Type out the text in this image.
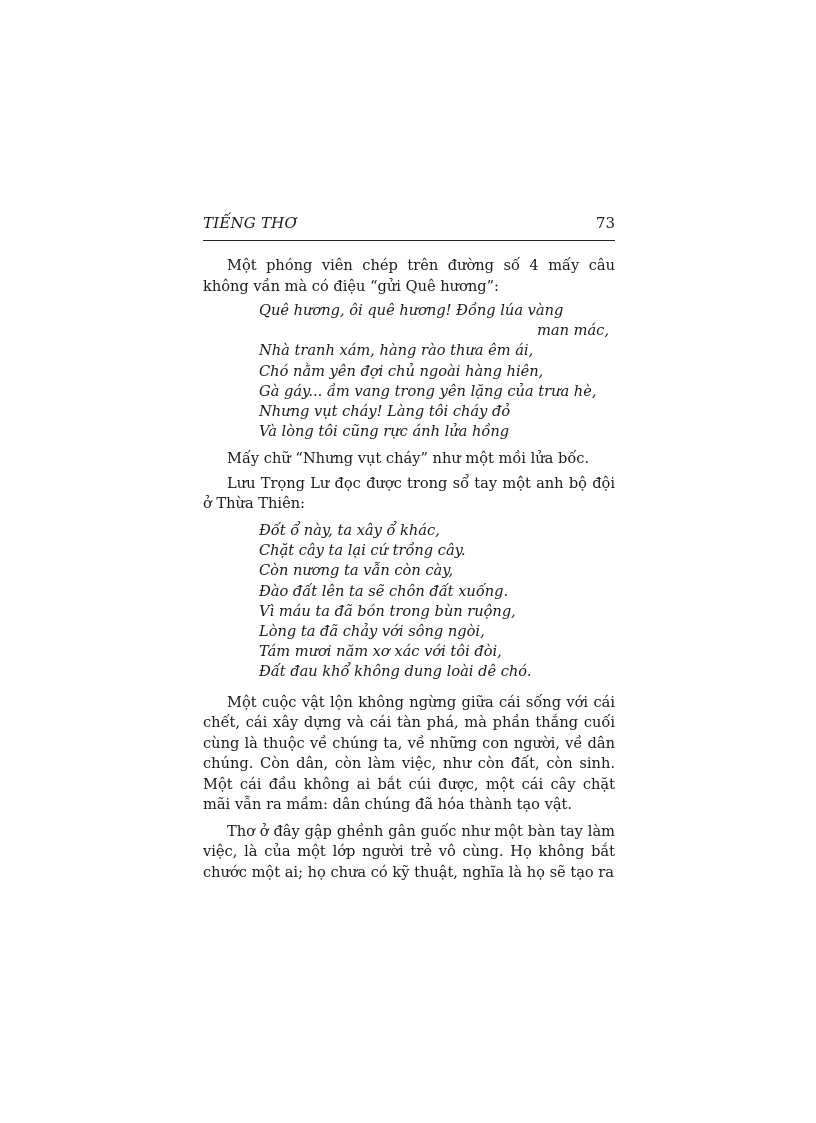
TIẾNG THƠ	73

Một phóng viên chép trên đường số 4 mấy câu không vần mà có điệu “gửi Quê hương”:

Quê hương, ôi quê hương! Đồng lúa vàng
man mác,
Nhà tranh xám, hàng rào thưa êm ái,
Chó nằm yên đợi chủ ngoài hàng hiên,
Gà gáy... ầm vang trong yên lặng của trưa hè,
Nhưng vụt cháy! Làng tôi cháy đỏ
Và lòng tôi cũng rực ánh lửa hồng

Mấy chữ “Nhưng vụt cháy” như một mồi lửa bốc.

Lưu Trọng Lư đọc được trong sổ tay một anh bộ đội ở Thừa Thiên:

Đốt ổ này, ta xây ổ khác,
Chặt cây ta lại cứ trồng cây.
Còn nương ta vẫn còn cày,
Đào đất lên ta sẽ chôn đất xuống.
Vì máu ta đã bón trong bùn ruộng,
Lòng ta đã chảy với sông ngòi,
Tám mươi năm xơ xác với tôi đòi,
Đất đau khổ không dung loài dê chó.

Một cuộc vật lộn không ngừng giữa cái sống với cái chết, cái xây dựng và cái tàn phá, mà phần thắng cuối cùng là thuộc về chúng ta, về những con người, về dân chúng. Còn dân, còn làm việc, như còn đất, còn sinh. Một cái đầu không ai bắt cúi được, một cái cây chặt mãi vẫn ra mầm: dân chúng đã hóa thành tạo vật.

Thơ ở đây gập ghềnh gân guốc như một bàn tay làm việc, là của một lớp người trẻ vô cùng. Họ không bắt chước một ai; họ chưa có kỹ thuật, nghĩa là họ sẽ tạo ra
